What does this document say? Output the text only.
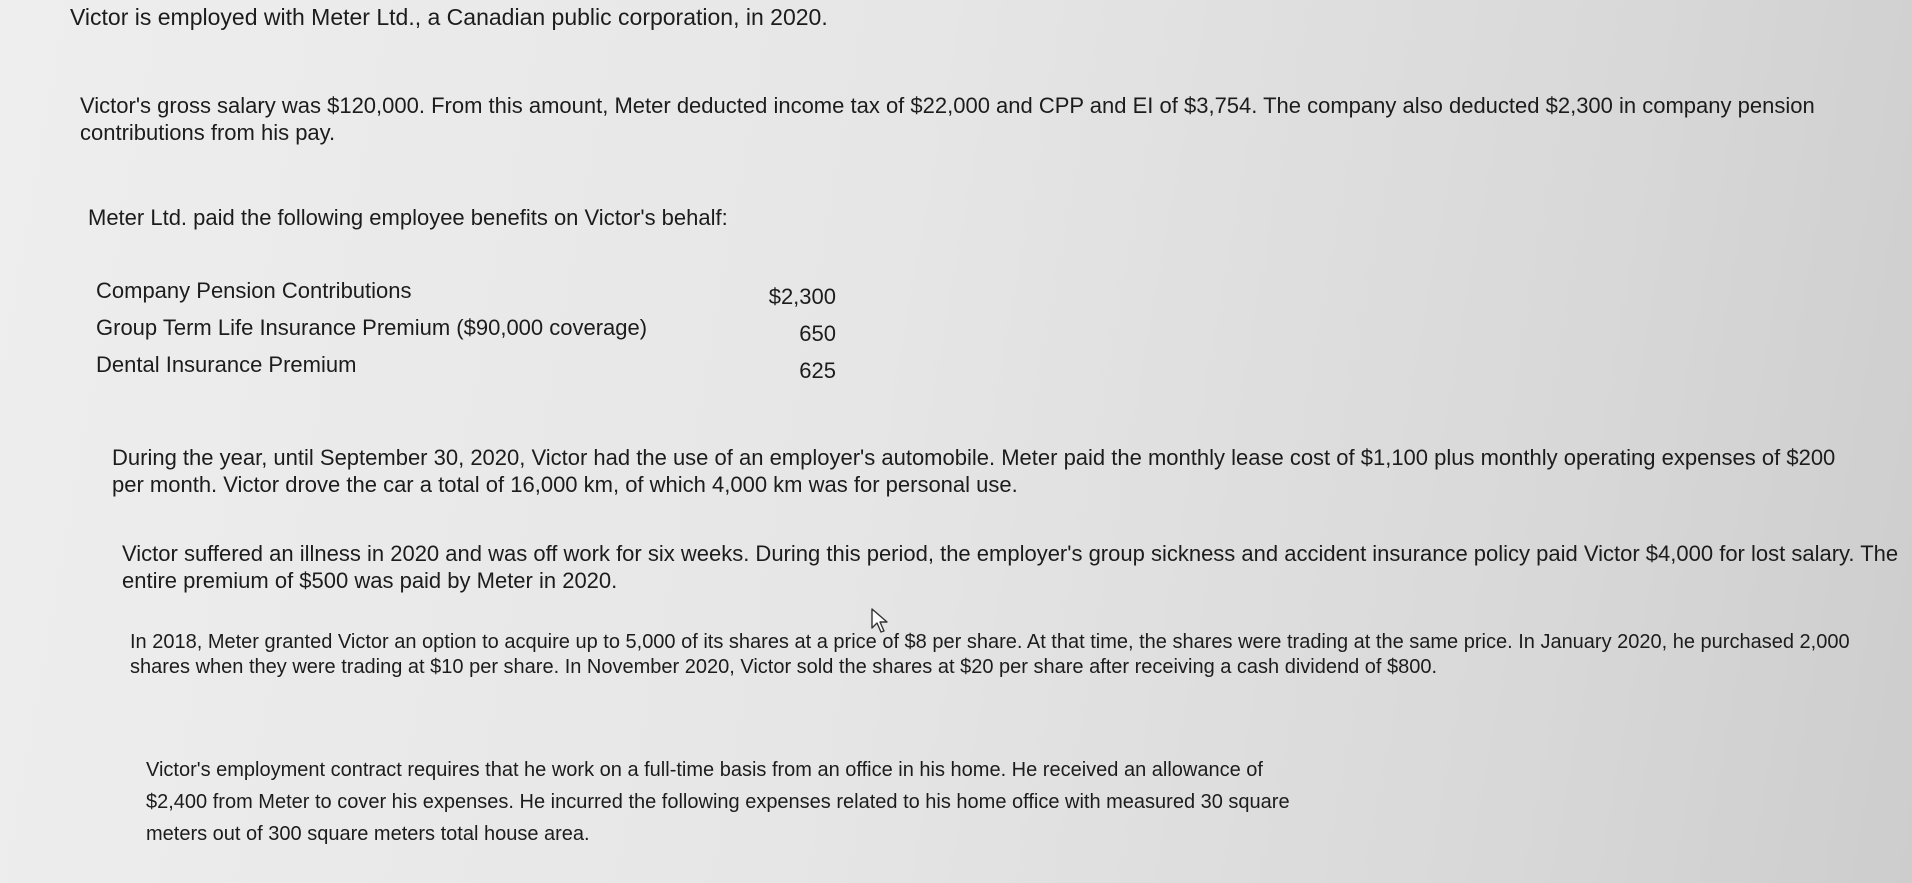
Victor is employed with Meter Ltd., a Canadian public corporation, in 2020.

Victor's gross salary was $120,000. From this amount, Meter deducted income tax of $22,000 and CPP and EI of $3,754. The company also deducted $2,300 in company pension contributions from his pay.

Meter Ltd. paid the following employee benefits on Victor's behalf:

Company Pension Contributions	$2,300
Group Term Life Insurance Premium ($90,000 coverage)	650
Dental Insurance Premium	625

During the year, until September 30, 2020, Victor had the use of an employer's automobile. Meter paid the monthly lease cost of $1,100 plus monthly operating expenses of $200 per month. Victor drove the car a total of 16,000 km, of which 4,000 km was for personal use.

Victor suffered an illness in 2020 and was off work for six weeks. During this period, the employer's group sickness and accident insurance policy paid Victor $4,000 for lost salary. The entire premium of $500 was paid by Meter in 2020.

In 2018, Meter granted Victor an option to acquire up to 5,000 of its shares at a price of $8 per share. At that time, the shares were trading at the same price. In January 2020, he purchased 2,000 shares when they were trading at $10 per share. In November 2020, Victor sold the shares at $20 per share after receiving a cash dividend of $800.

Victor's employment contract requires that he work on a full-time basis from an office in his home. He received an allowance of $2,400 from Meter to cover his expenses. He incurred the following expenses related to his home office with measured 30 square meters out of 300 square meters total house area.
